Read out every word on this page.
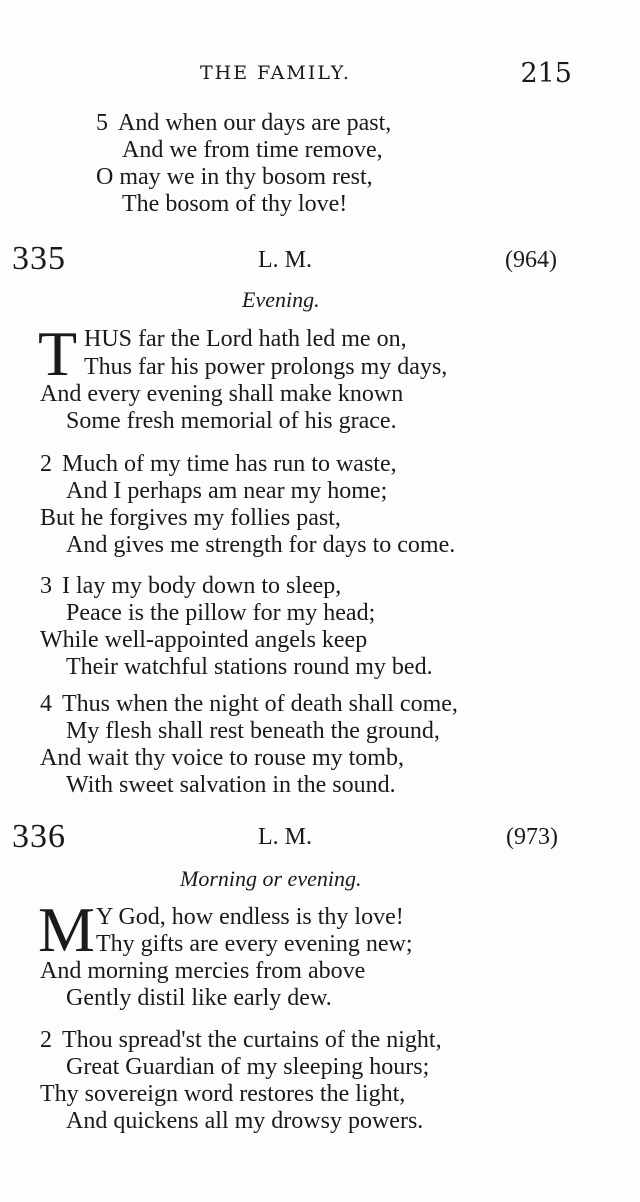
THE FAMILY.	215
5 And when our days are past,
And we from time remove,
O may we in thy bosom rest,
The bosom of thy love!
335	L. M.	(964)
Evening.
T HUS far the Lord hath led me on,
Thus far his power prolongs my days,
And every evening shall make known
Some fresh memorial of his grace.
2 Much of my time has run to waste,
And I perhaps am near my home;
But he forgives my follies past,
And gives me strength for days to come.
3 I lay my body down to sleep,
Peace is the pillow for my head;
While well-appointed angels keep
Their watchful stations round my bed.
4 Thus when the night of death shall come,
My flesh shall rest beneath the ground,
And wait thy voice to rouse my tomb,
With sweet salvation in the sound.
336	L. M.	(973)
Morning or evening.
M Y God, how endless is thy love!
Thy gifts are every evening new;
And morning mercies from above
Gently distil like early dew.
2 Thou spread'st the curtains of the night,
Great Guardian of my sleeping hours;
Thy sovereign word restores the light,
And quickens all my drowsy powers.
